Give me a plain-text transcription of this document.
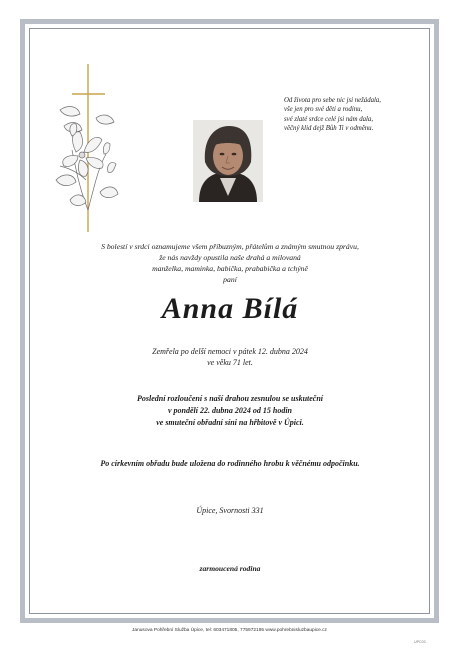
Od života pro sebe nic jsi nežádala,
vše jen pro své děti a rodinu,
své zlaté srdce celé jsi nám dala,
věčný klid dejž Bůh Ti v odměnu.
S bolestí v srdci oznamujeme všem příbuzným, přátelům a známým smutnou zprávu,
že nás navždy opustila naše drahá a milovaná
manželka, maminka, babička, prababička a tchýně
paní
Anna Bílá
Zemřela po delší nemoci v pátek 12. dubna 2024
ve věku 71 let.
Poslední rozloučení s naší drahou zesnulou se uskuteční
v pondělí 22. dubna 2024 od 15 hodin
ve smuteční obřadní síni na hřbitově v Úpici.
Po církevním obřadu bude uložena do rodinného hrobu k věčnému odpočinku.
Úpice, Svornosti 331
zarmoucená rodina
Janusova Pohřební Služba Úpice, tel: 603471805, 775972195 www.pohrebnisluzbaupice.cz
UPC03
